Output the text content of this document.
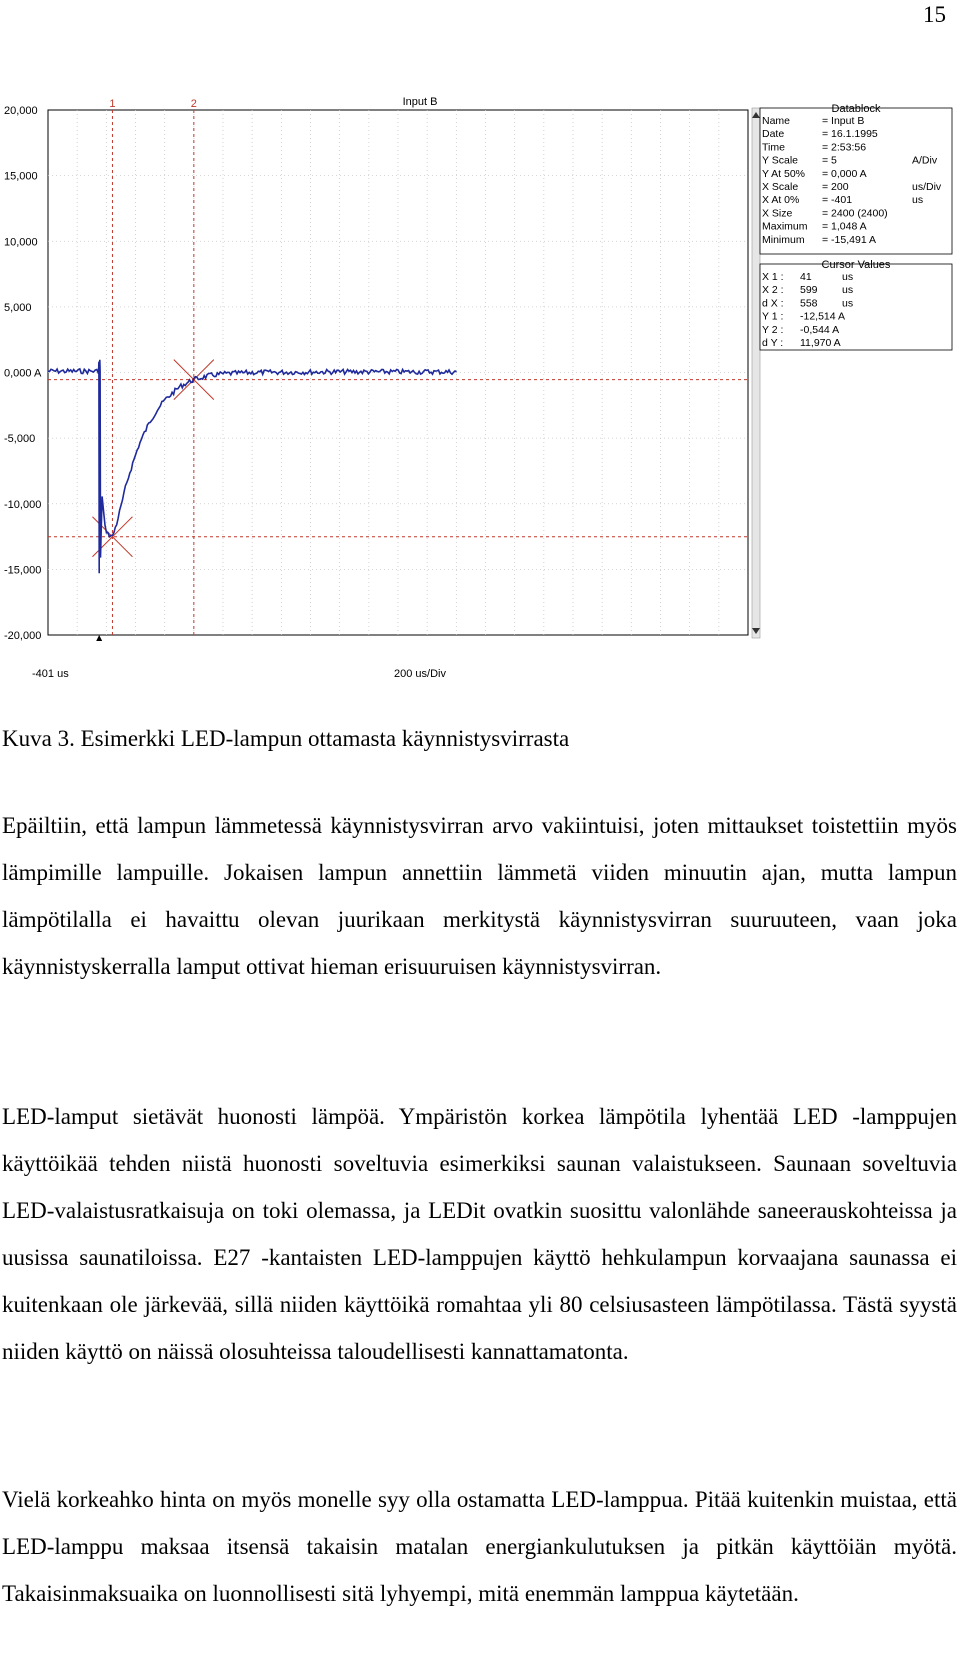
15
20,000
15,000
10,000
5,000
0,000 A
-5,000
-10,000
-15,000
-20,000
Input B
-401 us	200 us/Div
1	2	Datablock
Name	= Input B
Date	= 16.1.1995
Time	= 2:53:56
Y Scale = 5	A/Div
Y At 50% = 0,000 A
X Scale = 200	us/Div
X At 0% = -401	us
X Size	= 2400 (2400)
Maximum = 1,048 A
Minimum = -15,491 A
Cursor Values
X 1 : 41	us
X 2 : 599 us
d X : 558 us
Y 1 : -12,514 A
Y 2 : -0,544 A
d Y : 11,970 A

Kuva 3. Esimerkki LED-lampun ottamasta käynnistysvirrasta

Epäiltiin, että lampun lämmetessä käynnistysvirran arvo vakiintuisi, joten mittaukset toistettiin myös lämpimille lampuille. Jokaisen lampun annettiin lämmetä viiden minuutin ajan, mutta lampun lämpötilalla ei havaittu olevan juurikaan merkitystä käynnistysvirran suuruuteen, vaan joka käynnistyskerralla lamput ottivat hieman erisuuruisen käynnistysvirran.

LED-lamput sietävät huonosti lämpöä. Ympäristön korkea lämpötila lyhentää LED -lamppujen käyttöikää tehden niistä huonosti soveltuvia esimerkiksi saunan valaistukseen. Saunaan soveltuvia LED-valaistusratkaisuja on toki olemassa, ja LEDit ovatkin suosittu valonlähde saneerauskohteissa ja uusissa saunatiloissa. E27 -kantaisten LED-lamppujen käyttö hehkulampun korvaajana saunassa ei kuitenkaan ole järkevää, sillä niiden käyttöikä romahtaa yli 80 celsiusasteen lämpötilassa. Tästä syystä niiden käyttö on näissä olosuhteissa taloudellisesti kannattamatonta.

Vielä korkeahko hinta on myös monelle syy olla ostamatta LED-lamppua. Pitää kuitenkin muistaa, että LED-lamppu maksaa itsensä takaisin matalan energiankulutuksen ja pitkän käyttöiän myötä. Takaisinmaksuaika on luonnollisesti sitä lyhyempi, mitä enemmän lamppua käytetään.
